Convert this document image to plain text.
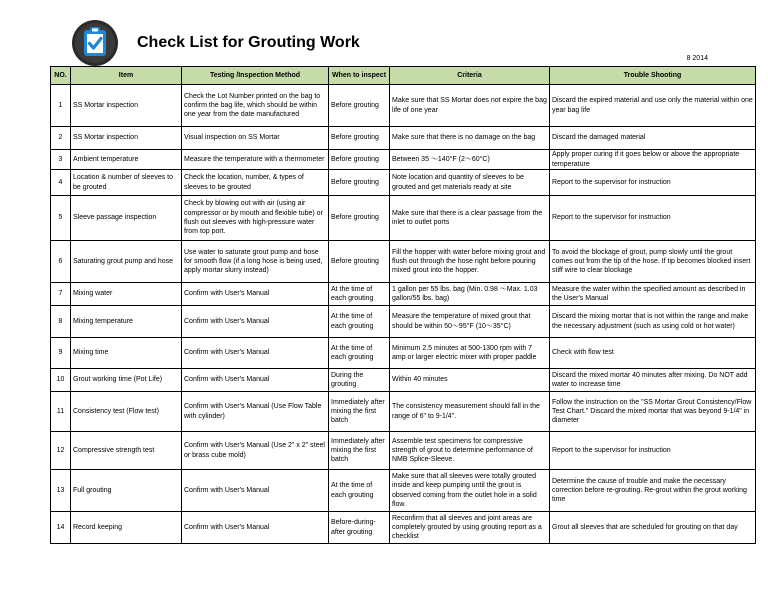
Check List for Grouting Work
8 2014
NO.	Item	Testing /Inspection Method	When to inspect	Criteria	Trouble Shooting
1	SS Mortar inspection	Check the Lot Number printed on the bag to confirm the bag life, which should be within one year from the date manufactured	Before grouting	Make sure that SS Mortar does not expire the bag life of one year	Discard the expired material and use only the material within one year bag life
2	SS Mortar inspection	Visual inspection on SS Mortar	Before grouting	Make sure that there is no damage on the bag	Discard the damaged material
3	Ambient temperature	Measure the temperature with a thermometer	Before grouting	Between 35 ～140°F (2～60°C)	Apply proper curing if it goes below or above the appropriate temperature
4	Location & number of sleeves to be grouted	Check the location, number, & types of sleeves to be grouted	Before grouting	Note location and quantity of sleeves to be grouted and get materials ready at site	Report to the supervisor for instruction
5	Sleeve passage inspection	Check by blowing out with air (using air compressor or by mouth and flexible tube) or flush out sleeves with high-pressure water from top port.	Before grouting	Make sure that there is a clear passage from the inlet to outlet ports	Report to the supervisor for instruction
6	Saturating grout pump and hose	Use water to saturate grout pump and hose for smooth flow (if a long hose is being used, apply mortar slurry instead)	Before grouting	Fill the hopper with water before mixing grout and flush out through the hose right before pouring mixed grout into the hopper.	To avoid the blockage of grout, pump slowly until the grout comes out from the tip of the hose. If tip becomes blocked insert stiff wire to clear blockage
7	Mixing water	Confirm with User's Manual	At the time of each grouting	1 gallon per 55 lbs. bag (Min. 0.98 ～Max. 1.03 gallon/55 lbs. bag)	Measure the water within the specified amount as described in the User's Manual
8	Mixing temperature	Confirm with User's Manual	At the time of each grouting	Measure the temperature of mixed grout that should be within 50～95°F (10～35°C)	Discard the mixing mortar that is not within the range and make the necessary adjustment (such as using cold or hot water)
9	Mixing time	Confirm with User's Manual	At the time of each grouting	Minimum 2.5 minutes at 500-1300 rpm with 7 amp or larger electric mixer with proper paddle	Check with flow test
10	Grout working time (Pot Life)	Confirm with User's Manual	During the grouting	Within 40 minutes	Discard the mixed mortar 40 minutes after mixing. Do NOT add water to increase time
11	Consistency test (Flow test)	Confirm with User's Manual (Use Flow Table with cylinder)	Immediately after mixing the first batch	The consistency measurement should fall in the range of 6" to 9-1/4".	Follow the instruction on the "SS Mortar Grout Consistency/Flow Test Chart." Discard the mixed mortar that was beyond 9-1/4" in diameter
12	Compressive strength test	Confirm with User's Manual (Use 2" x 2" steel or brass cube mold)	Immediately after mixing the first batch	Assemble test specimens for compressive strength of grout to determine performance of NMB Splice-Sleeve.	Report to the supervisor for instruction
13	Full grouting	Confirm with User's Manual	At the time of each grouting	Make sure that all sleeves were totally grouted inside and keep pumping until the grout is observed coming from the outlet hole in a solid flow.	Determine the cause of trouble and make the necessary correction before re-grouting. Re-grout within the grout working time
14	Record keeping	Confirm with User's Manual	Before-during-after grouting	Reconfirm that all sleeves and joint areas are completely grouted by using grouting report as a checklist	Grout all sleeves that are scheduled for grouting on that day
